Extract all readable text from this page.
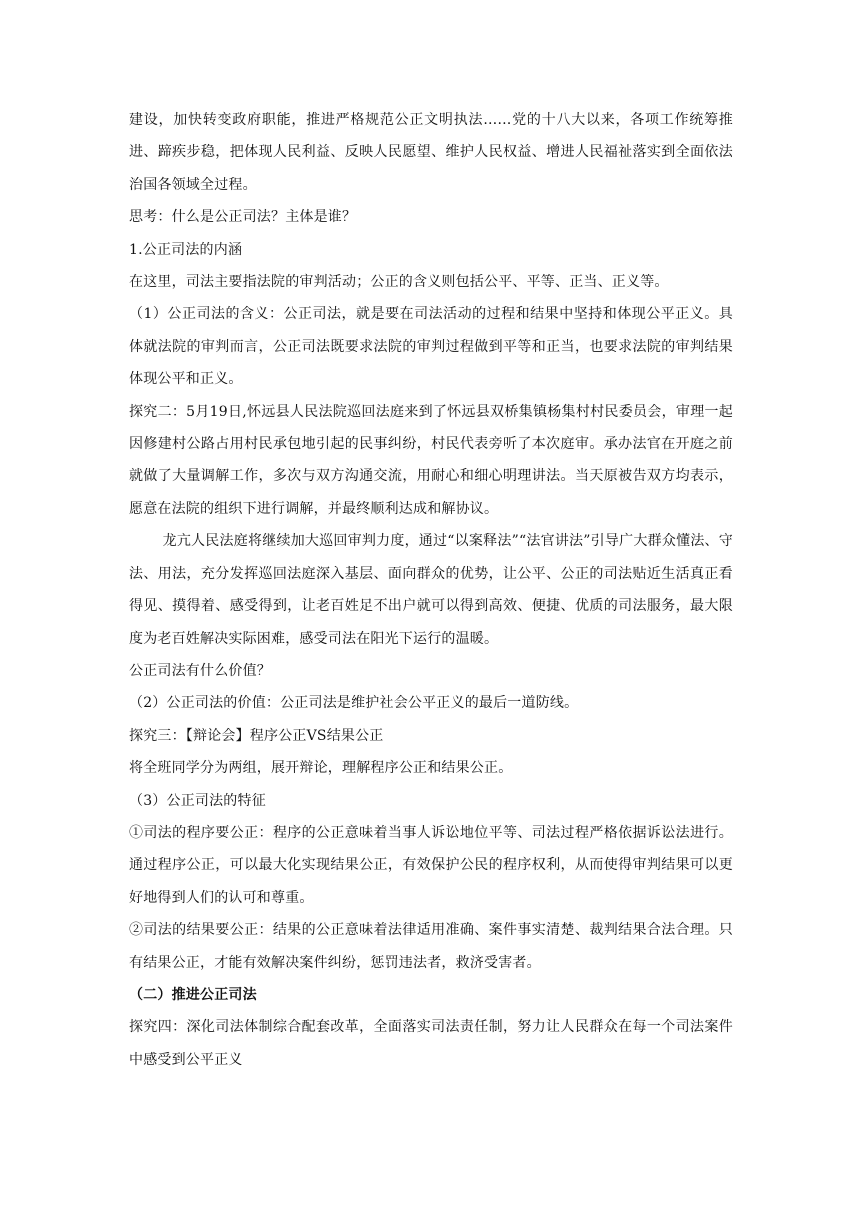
建设，加快转变政府职能，推进严格规范公正文明执法……党的十八大以来，各项工作统筹推进、蹄疾步稳，把体现人民利益、反映人民愿望、维护人民权益、增进人民福祉落实到全面依法治国各领域全过程。

思考：什么是公正司法？主体是谁？

1.公正司法的内涵

在这里，司法主要指法院的审判活动；公正的含义则包括公平、平等、正当、正义等。

（1）公正司法的含义：公正司法，就是要在司法活动的过程和结果中坚持和体现公平正义。具体就法院的审判而言，公正司法既要求法院的审判过程做到平等和正当，也要求法院的审判结果体现公平和正义。

探究二：5月19日,怀远县人民法院巡回法庭来到了怀远县双桥集镇杨集村村民委员会，审理一起因修建村公路占用村民承包地引起的民事纠纷，村民代表旁听了本次庭审。承办法官在开庭之前就做了大量调解工作，多次与双方沟通交流，用耐心和细心明理讲法。当天原被告双方均表示，愿意在法院的组织下进行调解，并最终顺利达成和解协议。

龙亢人民法庭将继续加大巡回审判力度，通过“以案释法”“法官讲法”引导广大群众懂法、守法、用法，充分发挥巡回法庭深入基层、面向群众的优势，让公平、公正的司法贴近生活真正看得见、摸得着、感受得到，让老百姓足不出户就可以得到高效、便捷、优质的司法服务，最大限度为老百姓解决实际困难，感受司法在阳光下运行的温暖。

公正司法有什么价值？

（2）公正司法的价值：公正司法是维护社会公平正义的最后一道防线。

探究三：【辩论会】程序公正VS结果公正

将全班同学分为两组，展开辩论，理解程序公正和结果公正。

（3）公正司法的特征

①司法的程序要公正：程序的公正意味着当事人诉讼地位平等、司法过程严格依据诉讼法进行。通过程序公正，可以最大化实现结果公正，有效保护公民的程序权利，从而使得审判结果可以更好地得到人们的认可和尊重。

②司法的结果要公正：结果的公正意味着法律适用准确、案件事实清楚、裁判结果合法合理。只有结果公正，才能有效解决案件纠纷，惩罚违法者，救济受害者。

（二）推进公正司法

探究四：深化司法体制综合配套改革，全面落实司法责任制，努力让人民群众在每一个司法案件中感受到公平正义
